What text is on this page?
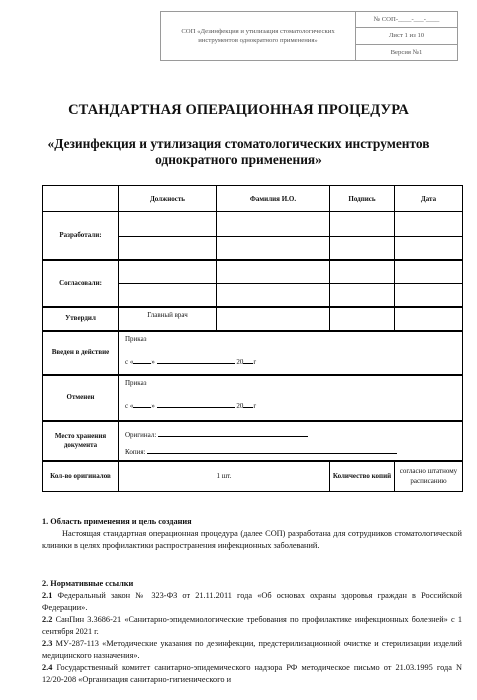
СОП «Дезинфекция и утилизация стоматологических инструментов однократного применения»	№ СОП-____-___-____
Лист 1 из 10
Версия №1
СТАНДАРТНАЯ ОПЕРАЦИОННАЯ ПРОЦЕДУРА
«Дезинфекция и утилизация стоматологических инструментов однократного применения»
	Должность	Фамилия И.О.	Подпись	Дата
Разработали:				

Согласовали:				

Утвердил	Главный врач			
Введен в действие	Приказ
с « » 20 г			

Отменен	Приказ
с « » 20 г			

Место хранения документа	Оригинал:
Копия:			

Кол-во оригиналов	1 шт.		Количество копий	согласно штатному расписанию
1. Область применения и цель создания
Настоящая стандартная операционная процедура (далее СОП) разработана для сотрудников стоматологической клиники в целях профилактики распространения инфекционных заболеваний.
2. Нормативные ссылки
2.1 Федеральный закон № 323-ФЗ от 21.11.2011 года «Об основах охраны здоровья граждан в Российской Федерации».
2.2 СанПин 3.3686-21 «Санитарно-эпидемиологические требования по профилактике инфекционных болезней» с 1 сентября 2021 г.
2.3 МУ-287-113 «Методические указания по дезинфекции, предстерилизационной очистке и стерилизации изделий медицинского назначения».
2.4 Государственный комитет санитарно-эпидемического надзора РФ методическое письмо от 21.03.1995 года N 12/20-208 «Организация санитарно-гигиенического и
